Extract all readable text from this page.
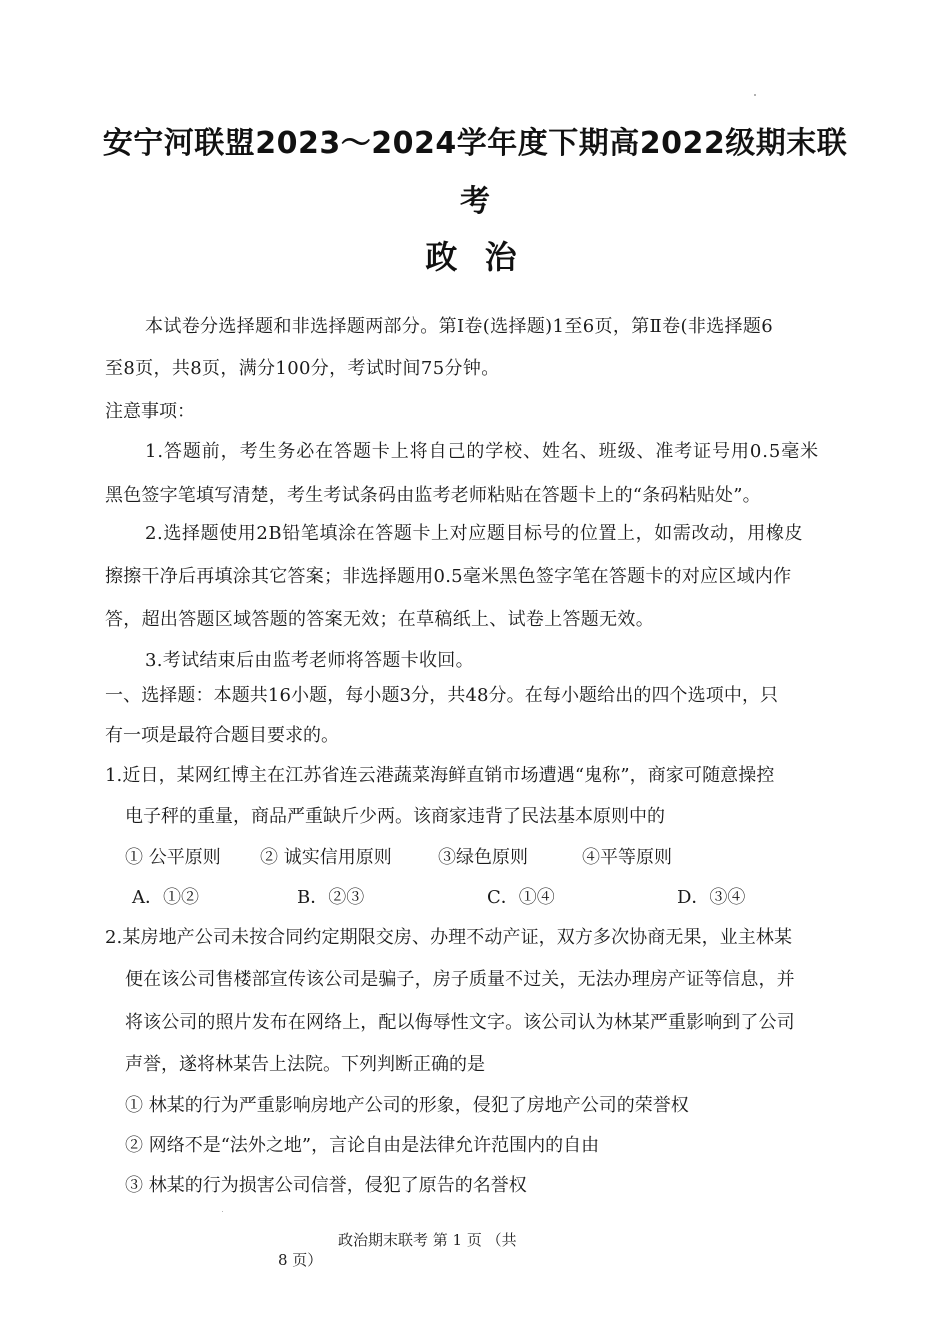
安宁河联盟2023～2024学年度下期高2022级期末联
考
政 治
本试卷分选择题和非选择题两部分。第Ⅰ卷(选择题)1至6页，第Ⅱ卷(非选择题6
至8页，共8页，满分100分，考试时间75分钟。
注意事项：
1.答题前，考生务必在答题卡上将自己的学校、姓名、班级、准考证号用0.5毫米
黑色签字笔填写清楚，考生考试条码由监考老师粘贴在答题卡上的“条码粘贴处”。
2.选择题使用2B铅笔填涂在答题卡上对应题目标号的位置上，如需改动，用橡皮
擦擦干净后再填涂其它答案；非选择题用0.5毫米黑色签字笔在答题卡的对应区域内作
答，超出答题区域答题的答案无效；在草稿纸上、试卷上答题无效。
3.考试结束后由监考老师将答题卡收回。
一、选择题：本题共16小题，每小题3分，共48分。在每小题给出的四个选项中，只
有一项是最符合题目要求的。
1.近日，某网红博主在江苏省连云港蔬菜海鲜直销市场遭遇“鬼称”，商家可随意操控
电子秤的重量，商品严重缺斤少两。该商家违背了民法基本原则中的
① 公平原则 ② 诚实信用原则	③绿色原则	④平等原则
A．①②	B．②③	C．①④	D．③④
2.某房地产公司未按合同约定期限交房、办理不动产证，双方多次协商无果，业主林某
便在该公司售楼部宣传该公司是骗子，房子质量不过关，无法办理房产证等信息，并
将该公司的照片发布在网络上，配以侮辱性文字。该公司认为林某严重影响到了公司
声誉，遂将林某告上法院。下列判断正确的是
① 林某的行为严重影响房地产公司的形象，侵犯了房地产公司的荣誉权
② 网络不是“法外之地”，言论自由是法律允许范围内的自由
③ 林某的行为损害公司信誉，侵犯了原告的名誉权
政治期末联考 第 1 页 （共
8 页）
